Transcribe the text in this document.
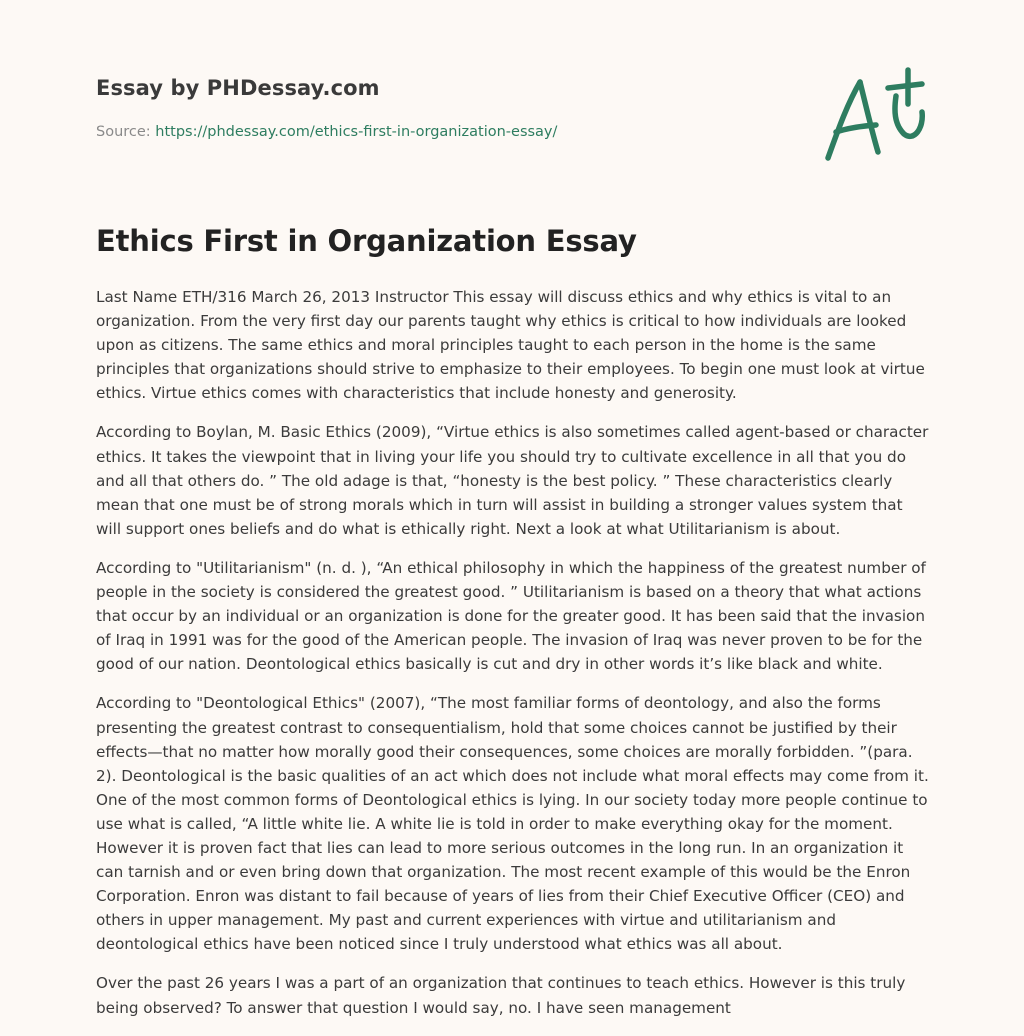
Essay by PHDessay.com
Source: https://phdessay.com/ethics-first-in-organization-essay/
Ethics First in Organization Essay

Last Name ETH/316 March 26, 2013 Instructor This essay will discuss ethics and why ethics is vital to an organization. From the very first day our parents taught why ethics is critical to how individuals are looked upon as citizens. The same ethics and moral principles taught to each person in the home is the same principles that organizations should strive to emphasize to their employees. To begin one must look at virtue ethics. Virtue ethics comes with characteristics that include honesty and generosity.

According to Boylan, M. Basic Ethics (2009), “Virtue ethics is also sometimes called agent-based or character ethics. It takes the viewpoint that in living your life you should try to cultivate excellence in all that you do and all that others do. ” The old adage is that, “honesty is the best policy. ” These characteristics clearly mean that one must be of strong morals which in turn will assist in building a stronger values system that will support ones beliefs and do what is ethically right. Next a look at what Utilitarianism is about.

According to "Utilitarianism" (n. d. ), “An ethical philosophy in which the happiness of the greatest number of people in the society is considered the greatest good. ” Utilitarianism is based on a theory that what actions that occur by an individual or an organization is done for the greater good. It has been said that the invasion of Iraq in 1991 was for the good of the American people. The invasion of Iraq was never proven to be for the good of our nation. Deontological ethics basically is cut and dry in other words it’s like black and white.

According to "Deontological Ethics" (2007), “The most familiar forms of deontology, and also the forms presenting the greatest contrast to consequentialism, hold that some choices cannot be justified by their effects—that no matter how morally good their consequences, some choices are morally forbidden. ”(para. 2). Deontological is the basic qualities of an act which does not include what moral effects may come from it. One of the most common forms of Deontological ethics is lying. In our society today more people continue to use what is called, “A little white lie. A white lie is told in order to make everything okay for the moment. However it is proven fact that lies can lead to more serious outcomes in the long run. In an organization it can tarnish and or even bring down that organization. The most recent example of this would be the Enron Corporation. Enron was distant to fail because of years of lies from their Chief Executive Officer (CEO) and others in upper management. My past and current experiences with virtue and utilitarianism and deontological ethics have been noticed since I truly understood what ethics was all about.

Over the past 26 years I was a part of an organization that continues to teach ethics. However is this truly being observed? To answer that question I would say, no. I have seen management
